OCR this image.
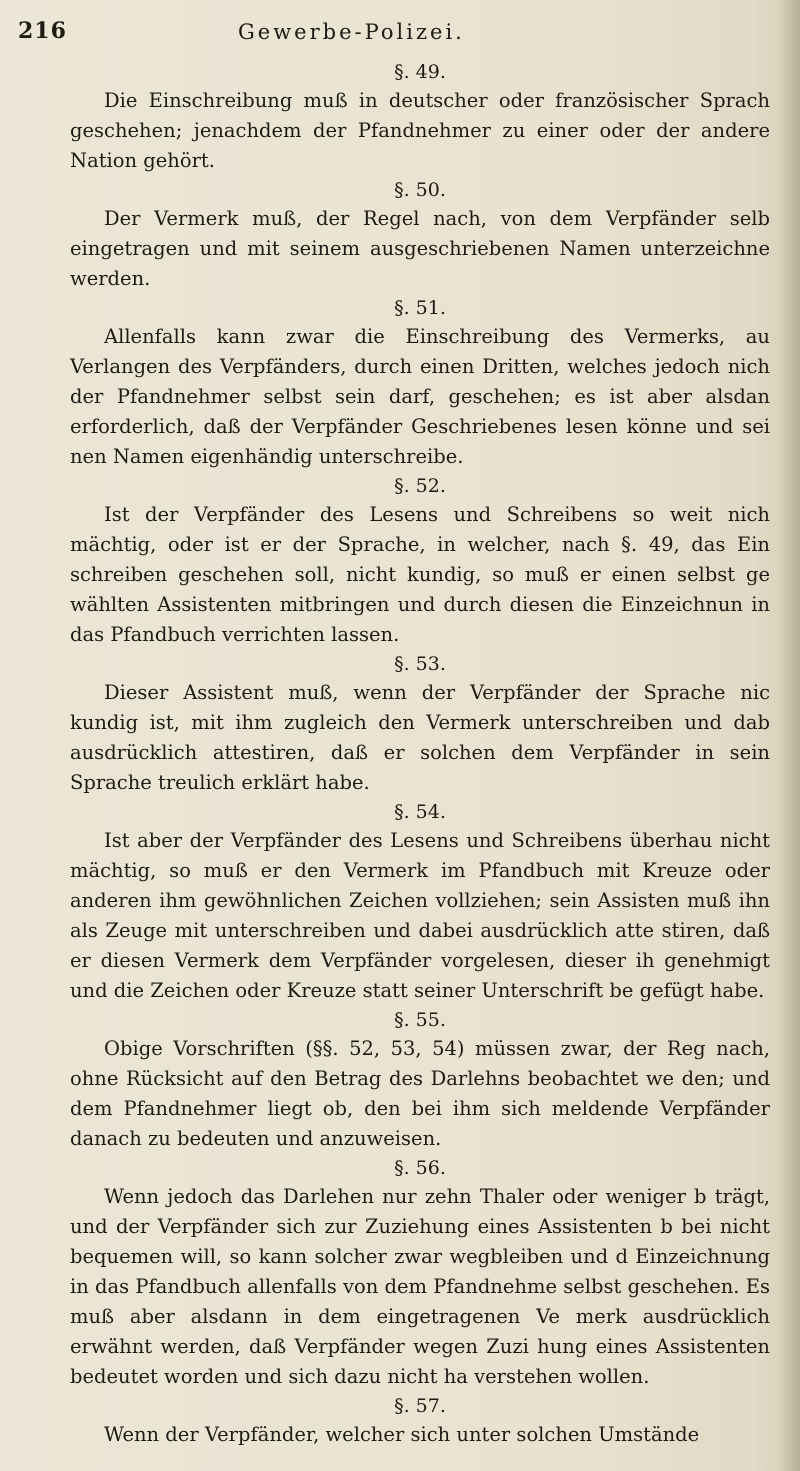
216	Gewerbe-Polizei.

§. 49.

Die Einschreibung muß in deutscher oder französischer Sprach geschehen; jenachdem der Pfandnehmer zu einer oder der andere Nation gehört.

§. 50.

Der Vermerk muß, der Regel nach, von dem Verpfänder selb eingetragen und mit seinem ausgeschriebenen Namen unterzeichne werden.

§. 51.

Allenfalls kann zwar die Einschreibung des Vermerks, au Verlangen des Verpfänders, durch einen Dritten, welches jedoch nich der Pfandnehmer selbst sein darf, geschehen; es ist aber alsdan erforderlich, daß der Verpfänder Geschriebenes lesen könne und sei nen Namen eigenhändig unterschreibe.

§. 52.

Ist der Verpfänder des Lesens und Schreibens so weit nich mächtig, oder ist er der Sprache, in welcher, nach §. 49, das Ein schreiben geschehen soll, nicht kundig, so muß er einen selbst ge wählten Assistenten mitbringen und durch diesen die Einzeichnun in das Pfandbuch verrichten lassen.

§. 53.

Dieser Assistent muß, wenn der Verpfänder der Sprache nic kundig ist, mit ihm zugleich den Vermerk unterschreiben und dab ausdrücklich attestiren, daß er solchen dem Verpfänder in sein Sprache treulich erklärt habe.

§. 54.

Ist aber der Verpfänder des Lesens und Schreibens überhau nicht mächtig, so muß er den Vermerk im Pfandbuch mit Kreuze oder anderen ihm gewöhnlichen Zeichen vollziehen; sein Assisten muß ihn als Zeuge mit unterschreiben und dabei ausdrücklich atte stiren, daß er diesen Vermerk dem Verpfänder vorgelesen, dieser ih genehmigt und die Zeichen oder Kreuze statt seiner Unterschrift be gefügt habe.

§. 55.

Obige Vorschriften (§§. 52, 53, 54) müssen zwar, der Reg nach, ohne Rücksicht auf den Betrag des Darlehns beobachtet we den; und dem Pfandnehmer liegt ob, den bei ihm sich meldende Verpfänder danach zu bedeuten und anzuweisen.

§. 56.

Wenn jedoch das Darlehen nur zehn Thaler oder weniger b trägt, und der Verpfänder sich zur Zuziehung eines Assistenten b bei nicht bequemen will, so kann solcher zwar wegbleiben und d Einzeichnung in das Pfandbuch allenfalls von dem Pfandnehme selbst geschehen. Es muß aber alsdann in dem eingetragenen Ve merk ausdrücklich erwähnt werden, daß Verpfänder wegen Zuzi hung eines Assistenten bedeutet worden und sich dazu nicht ha verstehen wollen.

§. 57.

Wenn der Verpfänder, welcher sich unter solchen Umstände
